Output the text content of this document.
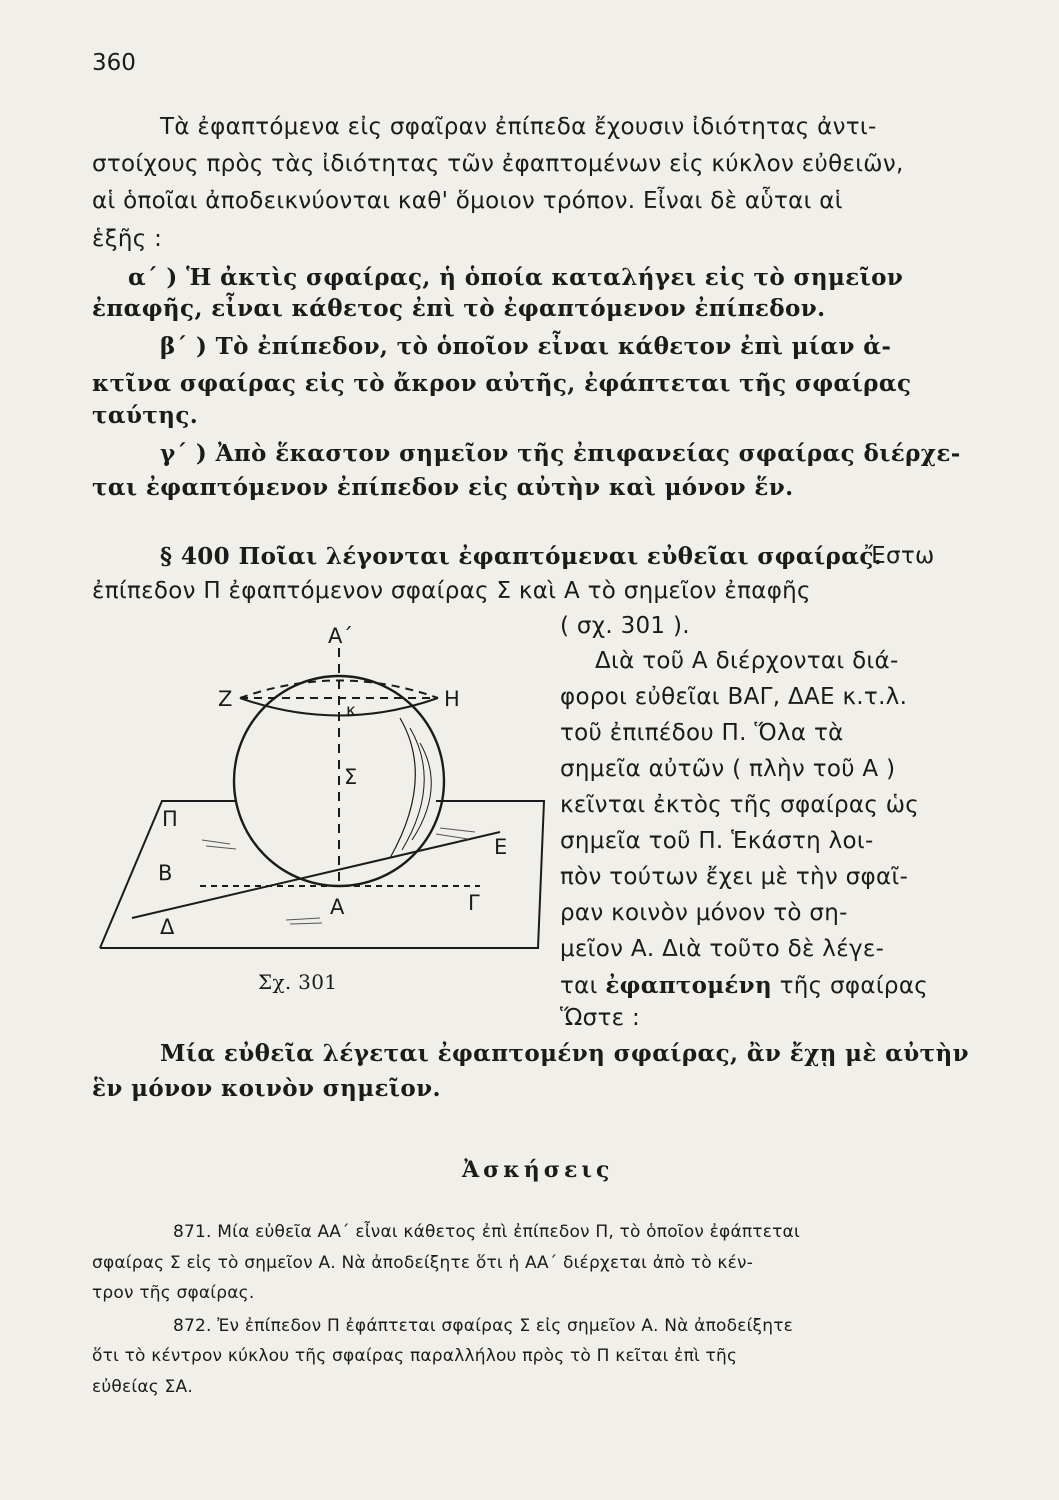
360
Τὰ ἐφαπτόμενα εἰς σφαῖραν ἐπίπεδα ἔχουσιν ἰδιότητας ἀντι-
στοίχους πρὸς τὰς ἰδιότητας τῶν ἐφαπτομένων εἰς κύκλον εὐθειῶν,
αἱ ὁποῖαι ἀποδεικνύονται καθ' ὅμοιον τρόπον. Εἶναι δὲ αὗται αἱ
ἑξῆς :
α΄ ) Ἡ ἀκτὶς σφαίρας, ἡ ὁποία καταλήγει εἰς τὸ σημεῖον
ἐπαφῆς, εἶναι κάθετος ἐπὶ τὸ ἐφαπτόμενον ἐπίπεδον.
β΄ ) Τὸ ἐπίπεδον, τὸ ὁποῖον εἶναι κάθετον ἐπὶ μίαν ἀ-
κτῖνα σφαίρας εἰς τὸ ἄκρον αὐτῆς, ἐφάπτεται τῆς σφαίρας
ταύτης.
γ΄ ) Ἀπὸ ἕκαστον σημεῖον τῆς ἐπιφανείας σφαίρας διέρχε-
ται ἐφαπτόμενον ἐπίπεδον εἰς αὐτὴν καὶ μόνον ἕν.
§ 400 Ποῖαι λέγονται ἐφαπτόμεναι εὐθεῖαι σφαίρας.
Ἔστω
ἐπίπεδον Π ἐφαπτόμενον σφαίρας Σ καὶ Α τὸ σημεῖον ἐπαφῆς
( σχ. 301 ).
Διὰ τοῦ Α διέρχονται διά-
φοροι εὐθεῖαι ΒΑΓ, ΔΑΕ κ.τ.λ.
τοῦ ἐπιπέδου Π. Ὅλα τὰ
σημεῖα αὐτῶν ( πλὴν τοῦ Α )
κεῖνται ἐκτὸς τῆς σφαίρας ὡς
σημεῖα τοῦ Π. Ἑκάστη λοι-
πὸν τούτων ἔχει μὲ τὴν σφαῖ-
ραν κοινὸν μόνον τὸ ση-
μεῖον Α. Διὰ τοῦτο δὲ λέγε-
ται ἐφαπτομένη τῆς σφαίρας
Ὥστε :
Μία εὐθεῖα λέγεται ἐφαπτομένη σφαίρας, ἂν ἔχῃ μὲ αὐτὴν
ἓν μόνον κοινὸν σημεῖον.
Α΄
Ζ	Η
κ
Σ
Π
Β
Δ
Α
Ε
Γ
Σχ. 301
Ἀσκήσεις
871. Μία εὐθεῖα ΑΑ΄ εἶναι κάθετος ἐπὶ ἐπίπεδον Π, τὸ ὁποῖον ἐφάπτεται
σφαίρας Σ εἰς τὸ σημεῖον Α. Νὰ ἀποδείξητε ὅτι ἡ ΑΑ΄ διέρχεται ἀπὸ τὸ κέν-
τρον τῆς σφαίρας.
872. Ἐν ἐπίπεδον Π ἐφάπτεται σφαίρας Σ εἰς σημεῖον Α. Νὰ ἀποδείξητε
ὅτι τὸ κέντρον κύκλου τῆς σφαίρας παραλλήλου πρὸς τὸ Π κεῖται ἐπὶ τῆς
εὐθείας ΣΑ.
